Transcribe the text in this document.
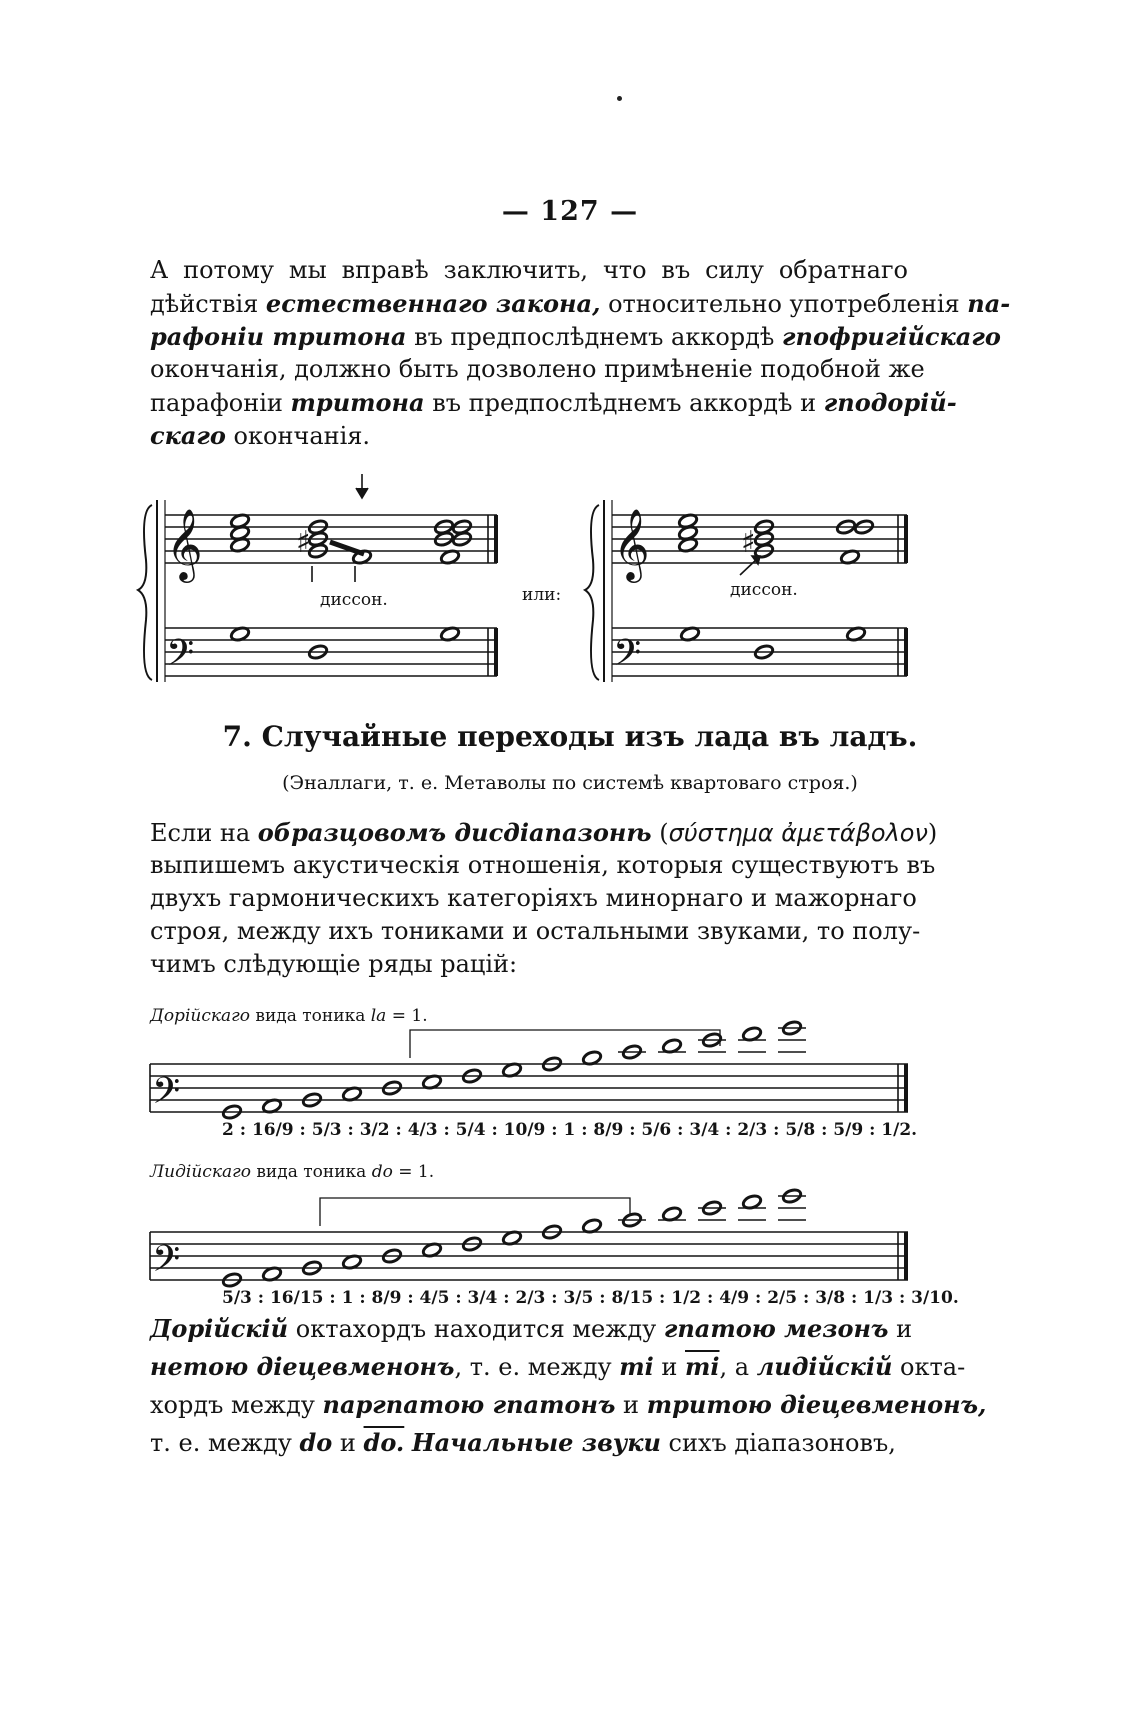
— 127 —
А потому мы вправѣ заключить, что въ силу обратнаго
дѣйствія естественнаго закона, относительно употребленія па-
рафоніи тритона въ предпослѣднемъ аккордѣ гпофригійскаго
окончанія, должно быть дозволено примѣненіе подобной же
парафоніи тритона въ предпослѣднемъ аккордѣ и гподорій-
скаго окончанія.
𝄞	𝄞
𝄢	𝄢
♯	♯
диссон.	или:	диссон.
7. Случайные переходы изъ лада въ ладъ.
(Эналлаги, т. е. Метаволы по системѣ квартоваго строя.)
Если на образцовомъ дисдіапазонѣ (σύστημα ἀμετάβολον)
выпишемъ акустическія отношенія, которыя существуютъ въ
двухъ гармоническихъ категоріяхъ минорнаго и мажорнаго
строя, между ихъ тониками и остальными звуками, то полу-
чимъ слѣдующіе ряды рацій:
Дорійскаго вида тоника la = 1.
𝄢
𝄢
2 : 16/9 : 5/3 : 3/2 : 4/3 : 5/4 : 10/9 : 1 : 8/9 : 5/6 : 3/4 : 2/3 : 5/8 : 5/9 : 1/2.
Лидійскаго вида тоника do = 1.
5/3 : 16/15 : 1 : 8/9 : 4/5 : 3/4 : 2/3 : 3/5 : 8/15 : 1/2 : 4/9 : 2/5 : 3/8 : 1/3 : 3/10.
Дорійскій октахордъ находится между гпатою мезонъ и
нетою діецевменонъ, т. е. между mi и $\overline{mi}$, а лидійскій окта-
хордъ между паргпатою гпатонъ и тритою діецевменонъ,
т. е. между do и do. Начальные звуки сихъ діапазоновъ,
